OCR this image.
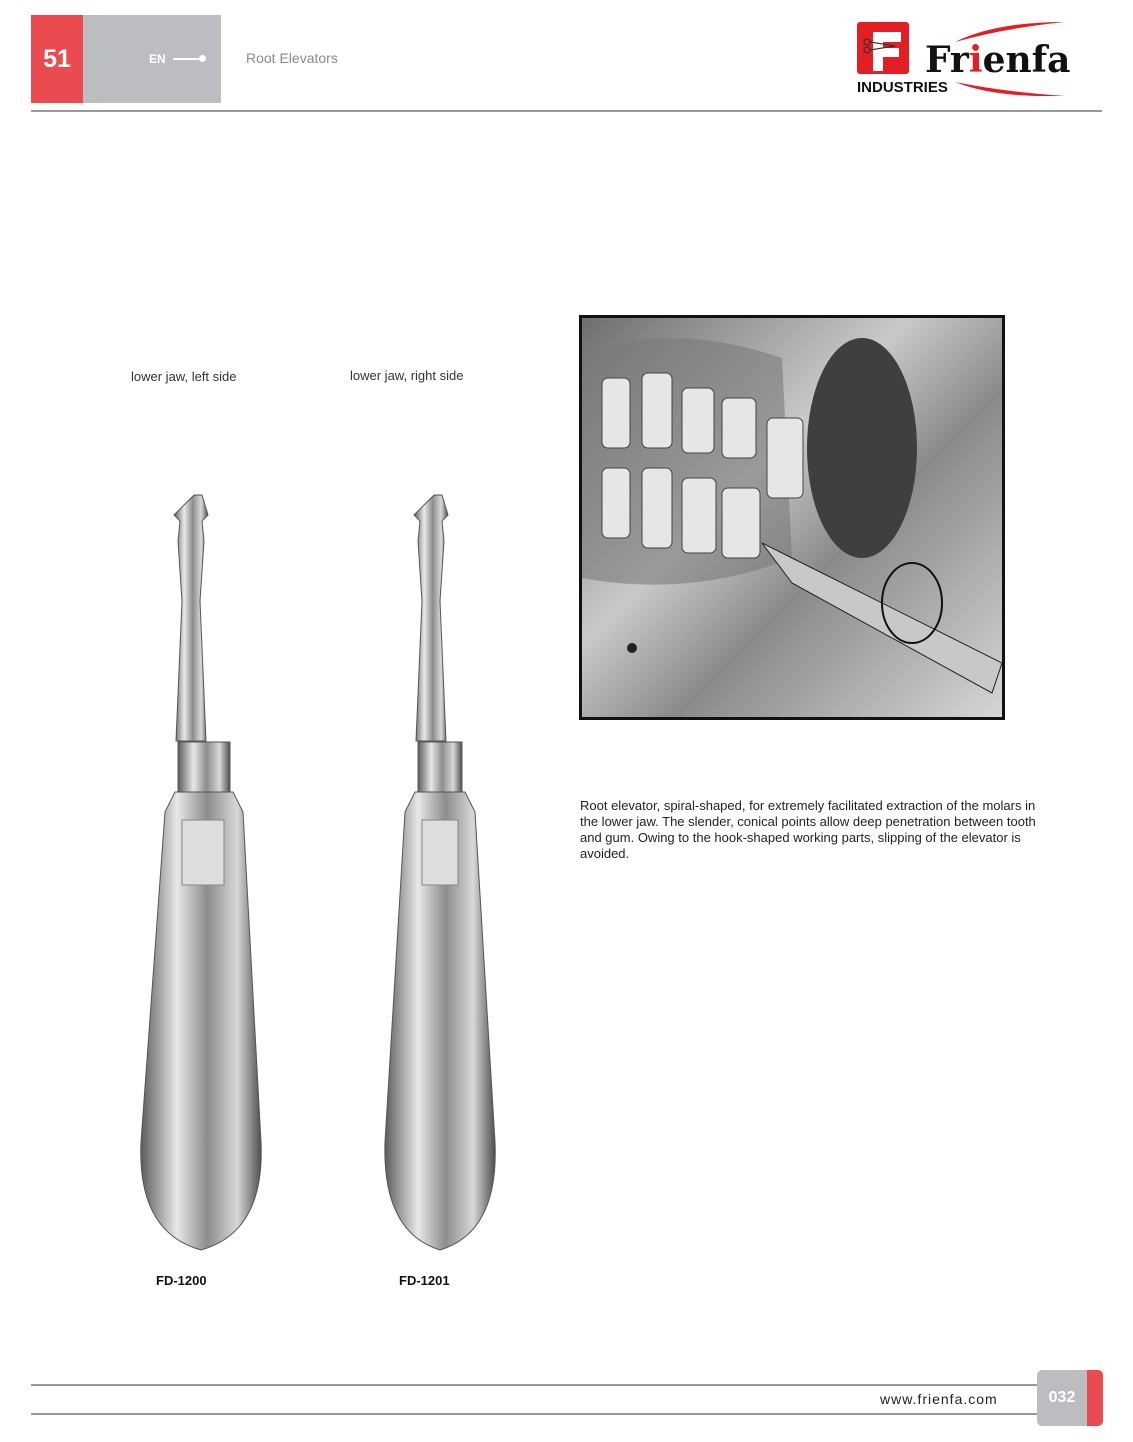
51	EN	Root Elevators	Frienfa
INDUSTRIES
lower jaw, left side	lower jaw, right side
FD-1200	FD-1201
Root elevator, spiral-shaped, for extremely facilitated extraction of the molars in the lower jaw. The slender, conical points allow deep penetration between tooth and gum. Owing to the hook-shaped working parts, slipping of the elevator is avoided.
www.frienfa.com	032
